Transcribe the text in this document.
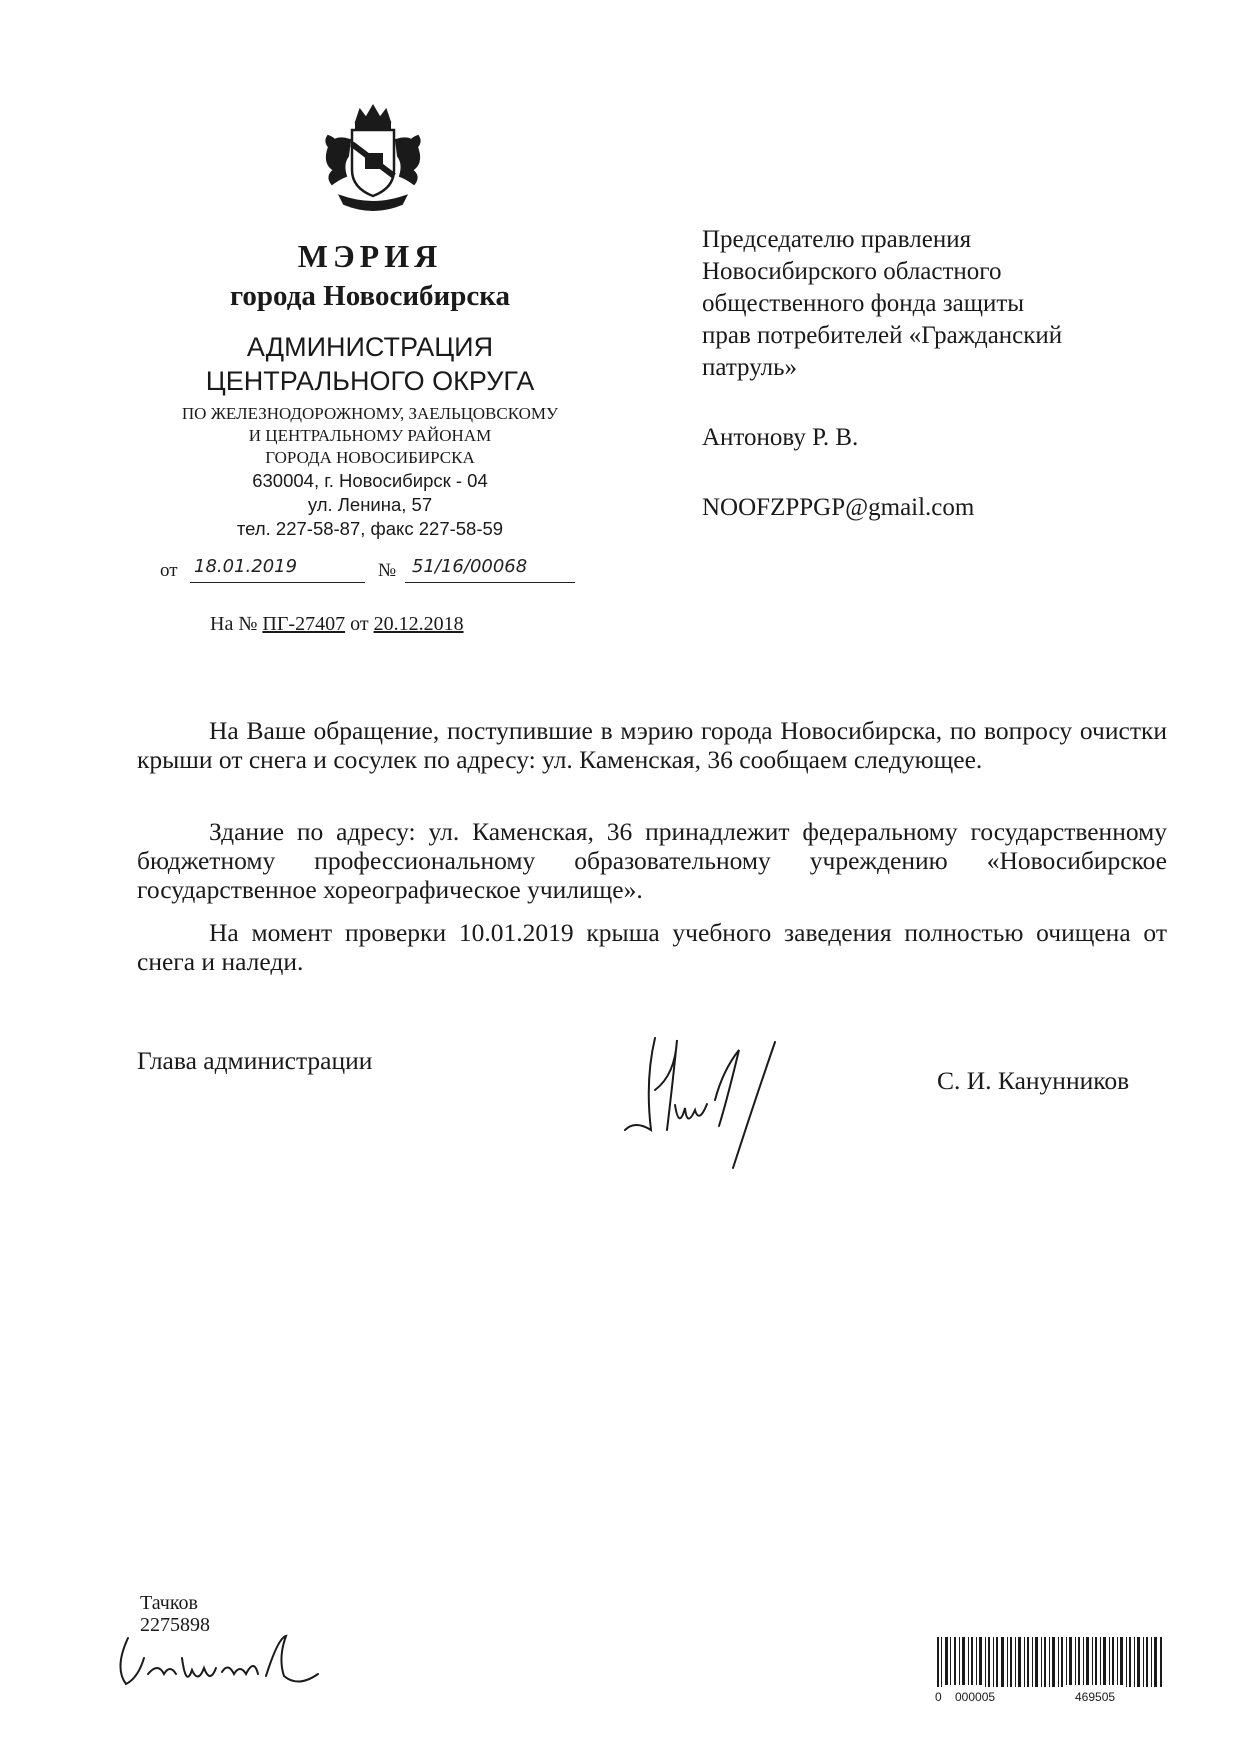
МЭРИЯ
города Новосибирска
АДМИНИСТРАЦИЯ
ЦЕНТРАЛЬНОГО ОКРУГА
ПО ЖЕЛЕЗНОДОРОЖНОМУ, ЗАЕЛЬЦОВСКОМУ
И ЦЕНТРАЛЬНОМУ РАЙОНАМ
ГОРОДА НОВОСИБИРСКА
630004, г. Новосибирск - 04
ул. Ленина, 57
тел. 227-58-87, факс 227-58-59
от 18.01.2019	№ 51/16/00068
На № ПГ-27407 от 20.12.2018
Председателю правления
Новосибирского областного
общественного фонда защиты
прав потребителей «Гражданский
патруль»
Антонову Р. В.
NOOFZPPGP@gmail.com
На Ваше обращение, поступившие в мэрию города Новосибирска, по вопросу очистки крыши от снега и сосулек по адресу: ул. Каменская, 36 сообщаем следующее.
Здание по адресу: ул. Каменская, 36 принадлежит федеральному государственному бюджетному профессиональному образовательному учреждению «Новосибирское государственное хореографическое училище».
На момент проверки 10.01.2019 крыша учебного заведения полностью очищена от снега и наледи.
Глава администрации
С. И. Канунников
Тачков
2275898
0 000005	469505
